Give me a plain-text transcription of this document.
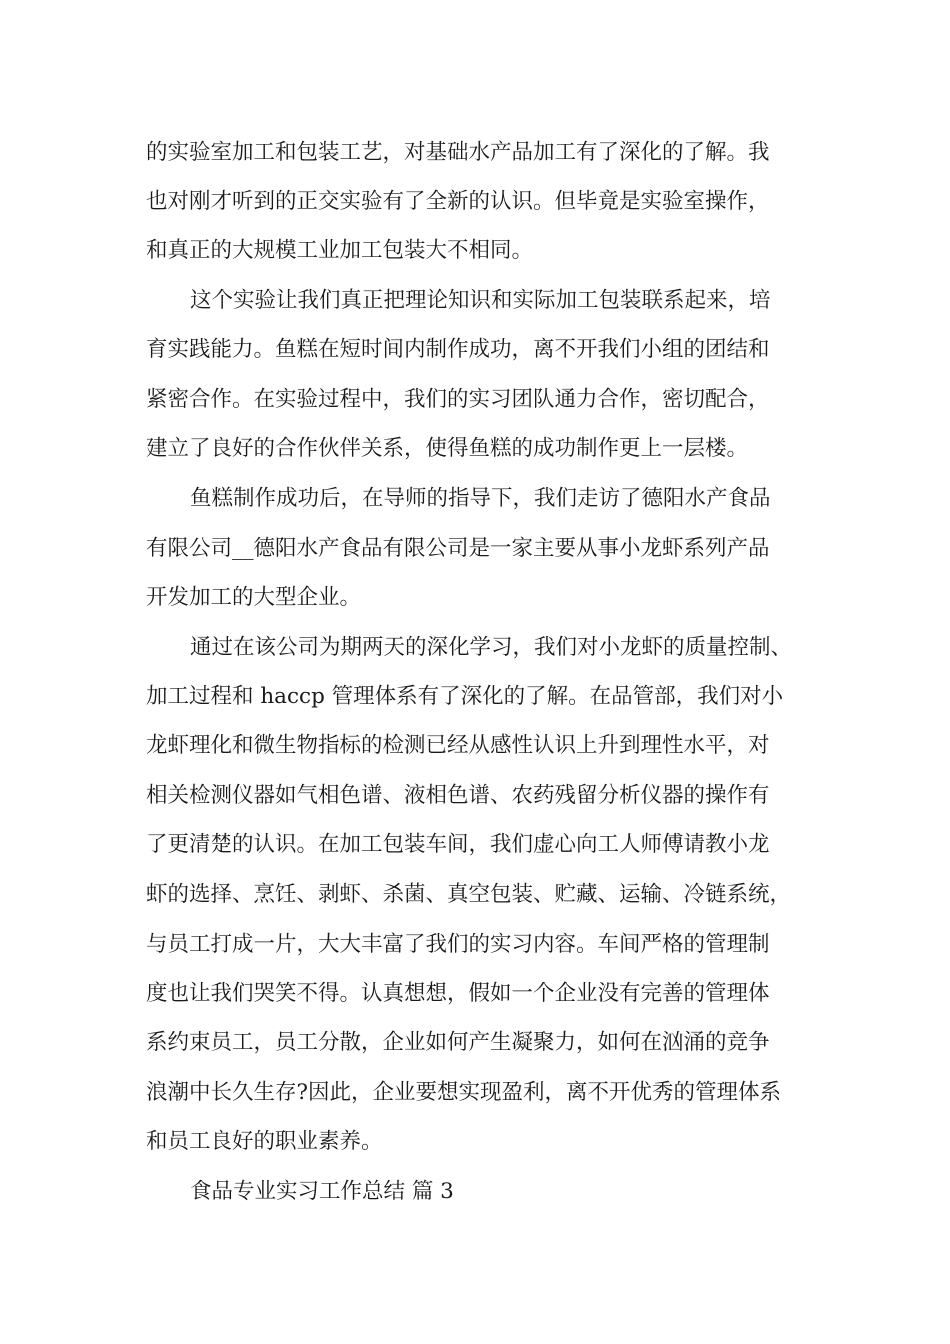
的实验室加工和包装工艺，对基础水产品加工有了深化的了解。我

也对刚才听到的正交实验有了全新的认识。但毕竟是实验室操作，

和真正的大规模工业加工包装大不相同。

这个实验让我们真正把理论知识和实际加工包装联系起来，培

育实践能力。鱼糕在短时间内制作成功，离不开我们小组的团结和

紧密合作。在实验过程中，我们的实习团队通力合作，密切配合，

建立了良好的合作伙伴关系，使得鱼糕的成功制作更上一层楼。

鱼糕制作成功后，在导师的指导下，我们走访了德阳水产食品

有限公司__德阳水产食品有限公司是一家主要从事小龙虾系列产品

开发加工的大型企业。

通过在该公司为期两天的深化学习，我们对小龙虾的质量控制、

加工过程和 haccp 管理体系有了深化的了解。在品管部，我们对小

龙虾理化和微生物指标的检测已经从感性认识上升到理性水平，对

相关检测仪器如气相色谱、液相色谱、农药残留分析仪器的操作有

了更清楚的认识。在加工包装车间，我们虚心向工人师傅请教小龙

虾的选择、烹饪、剥虾、杀菌、真空包装、贮藏、运输、冷链系统，

与员工打成一片，大大丰富了我们的实习内容。车间严格的管理制

度也让我们哭笑不得。认真想想，假如一个企业没有完善的管理体

系约束员工，员工分散，企业如何产生凝聚力，如何在汹涌的竞争

浪潮中长久生存?因此，企业要想实现盈利，离不开优秀的管理体系

和员工良好的职业素养。

食品专业实习工作总结 篇 3
